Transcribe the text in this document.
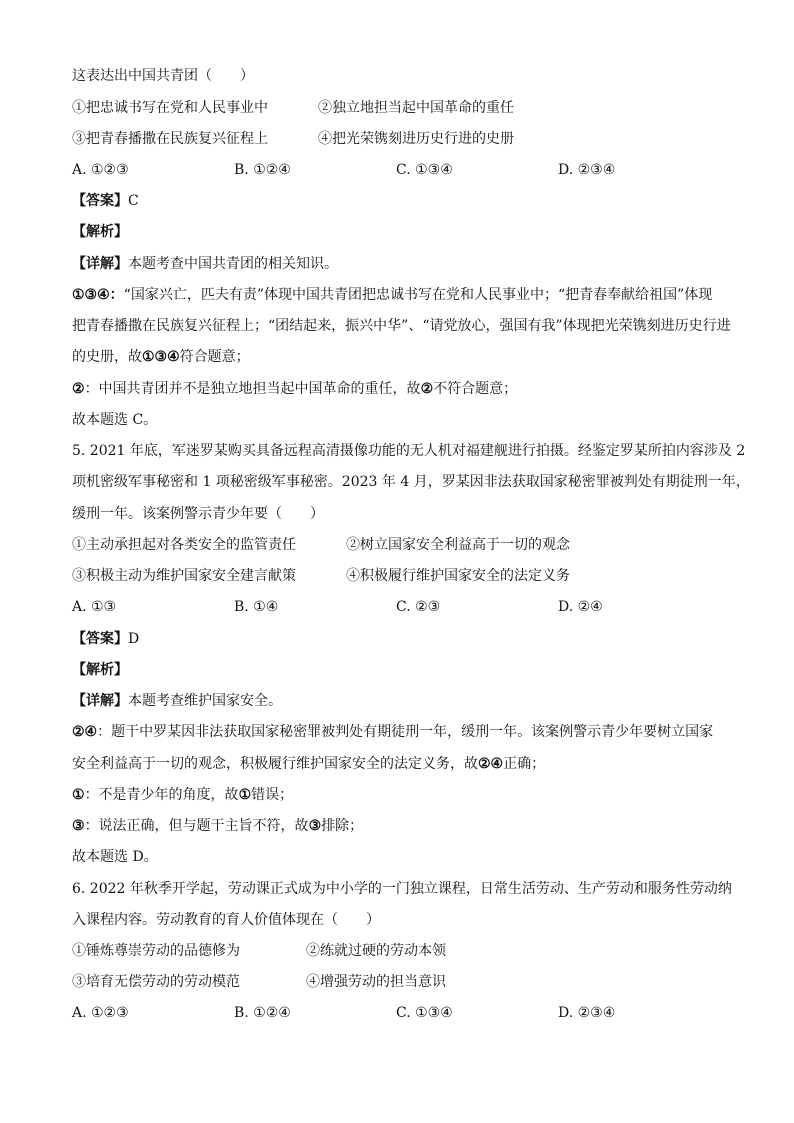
这表达出中国共青团（　　）
①把忠诚书写在党和人民事业中	②独立地担当起中国革命的重任
③把青春播撒在民族复兴征程上	④把光荣镌刻进历史行进的史册
A. ①②③	B. ①②④	C. ①③④	D. ②③④
【答案】C
【解析】
【详解】本题考查中国共青团的相关知识。
①③④：“国家兴亡，匹夫有责”体现中国共青团把忠诚书写在党和人民事业中；“把青春奉献给祖国”体现
把青春播撒在民族复兴征程上；“团结起来，振兴中华”、“请党放心，强国有我”体现把光荣镌刻进历史行进
的史册，故①③④符合题意；
②：中国共青团并不是独立地担当起中国革命的重任，故②不符合题意；
故本题选 C。
5. 2021 年底，军迷罗某购买具备远程高清摄像功能的无人机对福建舰进行拍摄。经鉴定罗某所拍内容涉及 2
项机密级军事秘密和 1 项秘密级军事秘密。2023 年 4 月，罗某因非法获取国家秘密罪被判处有期徒刑一年，
缓刑一年。该案例警示青少年要（　　）
①主动承担起对各类安全的监管责任	②树立国家安全利益高于一切的观念
③积极主动为维护国家安全建言献策	④积极履行维护国家安全的法定义务
A. ①③	B. ①④	C. ②③	D. ②④
【答案】D
【解析】
【详解】本题考查维护国家安全。
②④：题干中罗某因非法获取国家秘密罪被判处有期徒刑一年，缓刑一年。该案例警示青少年要树立国家
安全利益高于一切的观念，积极履行维护国家安全的法定义务，故②④正确；
①：不是青少年的角度，故①错误；
③：说法正确，但与题干主旨不符，故③排除；
故本题选 D。
6. 2022 年秋季开学起，劳动课正式成为中小学的一门独立课程，日常生活劳动、生产劳动和服务性劳动纳
入课程内容。劳动教育的育人价值体现在（　　）
①锤炼尊崇劳动的品德修为	②练就过硬的劳动本领
③培育无偿劳动的劳动模范	④增强劳动的担当意识
A. ①②③	B. ①②④	C. ①③④	D. ②③④
